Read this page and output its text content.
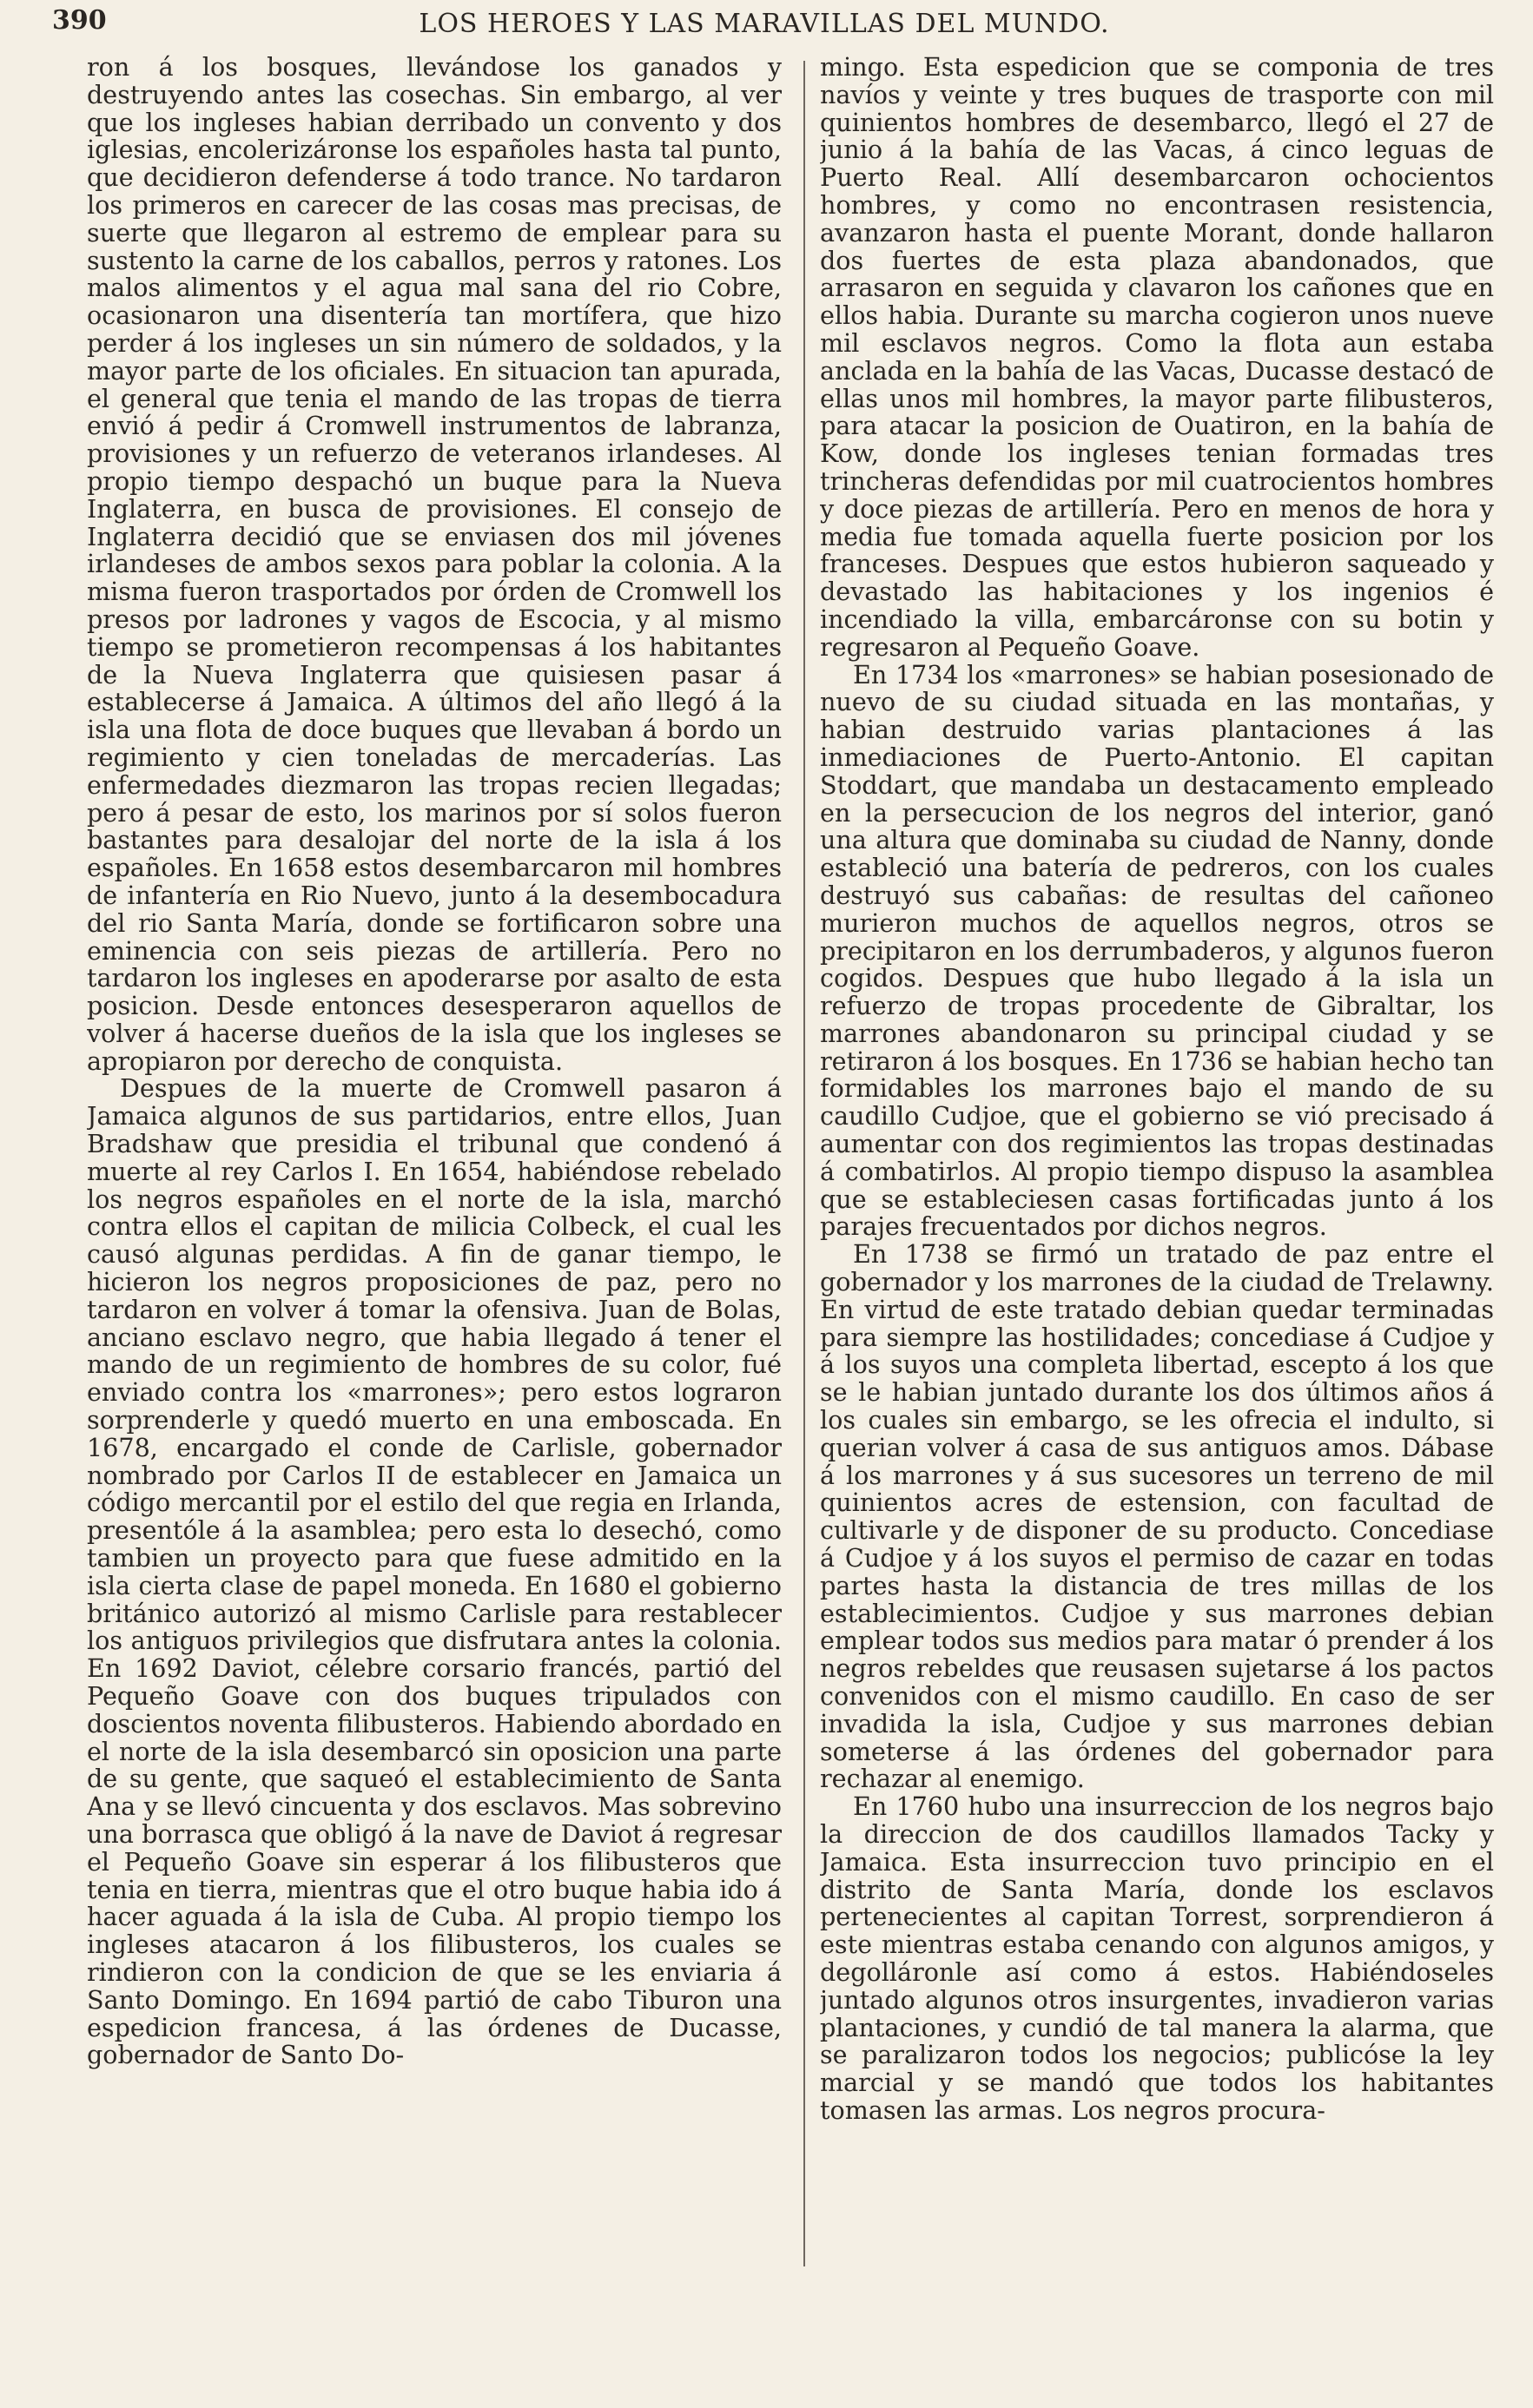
390	LOS HEROES Y LAS MARAVILLAS DEL MUNDO.

ron á los bosques, llevándose los ganados y destruyendo antes las cosechas. Sin embargo, al ver que los ingleses habian derribado un convento y dos iglesias, encolerizáronse los españoles hasta tal punto, que decidieron defenderse á todo trance. No tardaron los primeros en carecer de las cosas mas precisas, de suerte que llegaron al estremo de emplear para su sustento la carne de los caballos, perros y ratones. Los malos alimentos y el agua mal sana del rio Cobre, ocasionaron una disentería tan mortífera, que hizo perder á los ingleses un sin número de soldados, y la mayor parte de los oficiales. En situacion tan apurada, el general que tenia el mando de las tropas de tierra envió á pedir á Cromwell instrumentos de labranza, provisiones y un refuerzo de veteranos irlandeses. Al propio tiempo despachó un buque para la Nueva Inglaterra, en busca de provisiones. El consejo de Inglaterra decidió que se enviasen dos mil jóvenes irlandeses de ambos sexos para poblar la colonia. A la misma fueron trasportados por órden de Cromwell los presos por ladrones y vagos de Escocia, y al mismo tiempo se prometieron recompensas á los habitantes de la Nueva Inglaterra que quisiesen pasar á establecerse á Jamaica. A últimos del año llegó á la isla una flota de doce buques que llevaban á bordo un regimiento y cien toneladas de mercaderías. Las enfermedades diezmaron las tropas recien llegadas; pero á pesar de esto, los marinos por sí solos fueron bastantes para desalojar del norte de la isla á los españoles. En 1658 estos desembarcaron mil hombres de infantería en Rio Nuevo, junto á la desembocadura del rio Santa María, donde se fortificaron sobre una eminencia con seis piezas de artillería. Pero no tardaron los ingleses en apoderarse por asalto de esta posicion. Desde entonces desesperaron aquellos de volver á hacerse dueños de la isla que los ingleses se apropiaron por derecho de conquista.

Despues de la muerte de Cromwell pasaron á Jamaica algunos de sus partidarios, entre ellos, Juan Bradshaw que presidia el tribunal que condenó á muerte al rey Carlos I. En 1654, habiéndose rebelado los negros españoles en el norte de la isla, marchó contra ellos el capitan de milicia Colbeck, el cual les causó algunas perdidas. A fin de ganar tiempo, le hicieron los negros proposiciones de paz, pero no tardaron en volver á tomar la ofensiva. Juan de Bolas, anciano esclavo negro, que habia llegado á tener el mando de un regimiento de hombres de su color, fué enviado contra los «marrones»; pero estos lograron sorprenderle y quedó muerto en una emboscada. En 1678, encargado el conde de Carlisle, gobernador nombrado por Carlos II de establecer en Jamaica un código mercantil por el estilo del que regia en Irlanda, presentóle á la asamblea; pero esta lo desechó, como tambien un proyecto para que fuese admitido en la isla cierta clase de papel moneda. En 1680 el gobierno británico autorizó al mismo Carlisle para restablecer los antiguos privilegios que disfrutara antes la colonia. En 1692 Daviot, célebre corsario francés, partió del Pequeño Goave con dos buques tripulados con doscientos noventa filibusteros. Habiendo abordado en el norte de la isla desembarcó sin oposicion una parte de su gente, que saqueó el establecimiento de Santa Ana y se llevó cincuenta y dos esclavos. Mas sobrevino una borrasca que obligó á la nave de Daviot á regresar el Pequeño Goave sin esperar á los filibusteros que tenia en tierra, mientras que el otro buque habia ido á hacer aguada á la isla de Cuba. Al propio tiempo los ingleses atacaron á los filibusteros, los cuales se rindieron con la condicion de que se les enviaria á Santo Domingo. En 1694 partió de cabo Tiburon una espedicion francesa, á las órdenes de Ducasse, gobernador de Santo Do-

mingo. Esta espedicion que se componia de tres navíos y veinte y tres buques de trasporte con mil quinientos hombres de desembarco, llegó el 27 de junio á la bahía de las Vacas, á cinco leguas de Puerto Real. Allí desembarcaron ochocientos hombres, y como no encontrasen resistencia, avanzaron hasta el puente Morant, donde hallaron dos fuertes de esta plaza abandonados, que arrasaron en seguida y clavaron los cañones que en ellos habia. Durante su marcha cogieron unos nueve mil esclavos negros. Como la flota aun estaba anclada en la bahía de las Vacas, Ducasse destacó de ellas unos mil hombres, la mayor parte filibusteros, para atacar la posicion de Ouatiron, en la bahía de Kow, donde los ingleses tenian formadas tres trincheras defendidas por mil cuatrocientos hombres y doce piezas de artillería. Pero en menos de hora y media fue tomada aquella fuerte posicion por los franceses. Despues que estos hubieron saqueado y devastado las habitaciones y los ingenios é incendiado la villa, embarcáronse con su botin y regresaron al Pequeño Goave.

En 1734 los «marrones» se habian posesionado de nuevo de su ciudad situada en las montañas, y habian destruido varias plantaciones á las inmediaciones de Puerto-Antonio. El capitan Stoddart, que mandaba un destacamento empleado en la persecucion de los negros del interior, ganó una altura que dominaba su ciudad de Nanny, donde estableció una batería de pedreros, con los cuales destruyó sus cabañas: de resultas del cañoneo murieron muchos de aquellos negros, otros se precipitaron en los derrumbaderos, y algunos fueron cogidos. Despues que hubo llegado á la isla un refuerzo de tropas procedente de Gibraltar, los marrones abandonaron su principal ciudad y se retiraron á los bosques. En 1736 se habian hecho tan formidables los marrones bajo el mando de su caudillo Cudjoe, que el gobierno se vió precisado á aumentar con dos regimientos las tropas destinadas á combatirlos. Al propio tiempo dispuso la asamblea que se estableciesen casas fortificadas junto á los parajes frecuentados por dichos negros.

En 1738 se firmó un tratado de paz entre el gobernador y los marrones de la ciudad de Trelawny. En virtud de este tratado debian quedar terminadas para siempre las hostilidades; concediase á Cudjoe y á los suyos una completa libertad, escepto á los que se le habian juntado durante los dos últimos años á los cuales sin embargo, se les ofrecia el indulto, si querian volver á casa de sus antiguos amos. Dábase á los marrones y á sus sucesores un terreno de mil quinientos acres de estension, con facultad de cultivarle y de disponer de su producto. Concediase á Cudjoe y á los suyos el permiso de cazar en todas partes hasta la distancia de tres millas de los establecimientos. Cudjoe y sus marrones debian emplear todos sus medios para matar ó prender á los negros rebeldes que reusasen sujetarse á los pactos convenidos con el mismo caudillo. En caso de ser invadida la isla, Cudjoe y sus marrones debian someterse á las órdenes del gobernador para rechazar al enemigo.

En 1760 hubo una insurreccion de los negros bajo la direccion de dos caudillos llamados Tacky y Jamaica. Esta insurreccion tuvo principio en el distrito de Santa María, donde los esclavos pertenecientes al capitan Torrest, sorprendieron á este mientras estaba cenando con algunos amigos, y degolláronle así como á estos. Habiéndoseles juntado algunos otros insurgentes, invadieron varias plantaciones, y cundió de tal manera la alarma, que se paralizaron todos los negocios; publicóse la ley marcial y se mandó que todos los habitantes tomasen las armas. Los negros procura-
